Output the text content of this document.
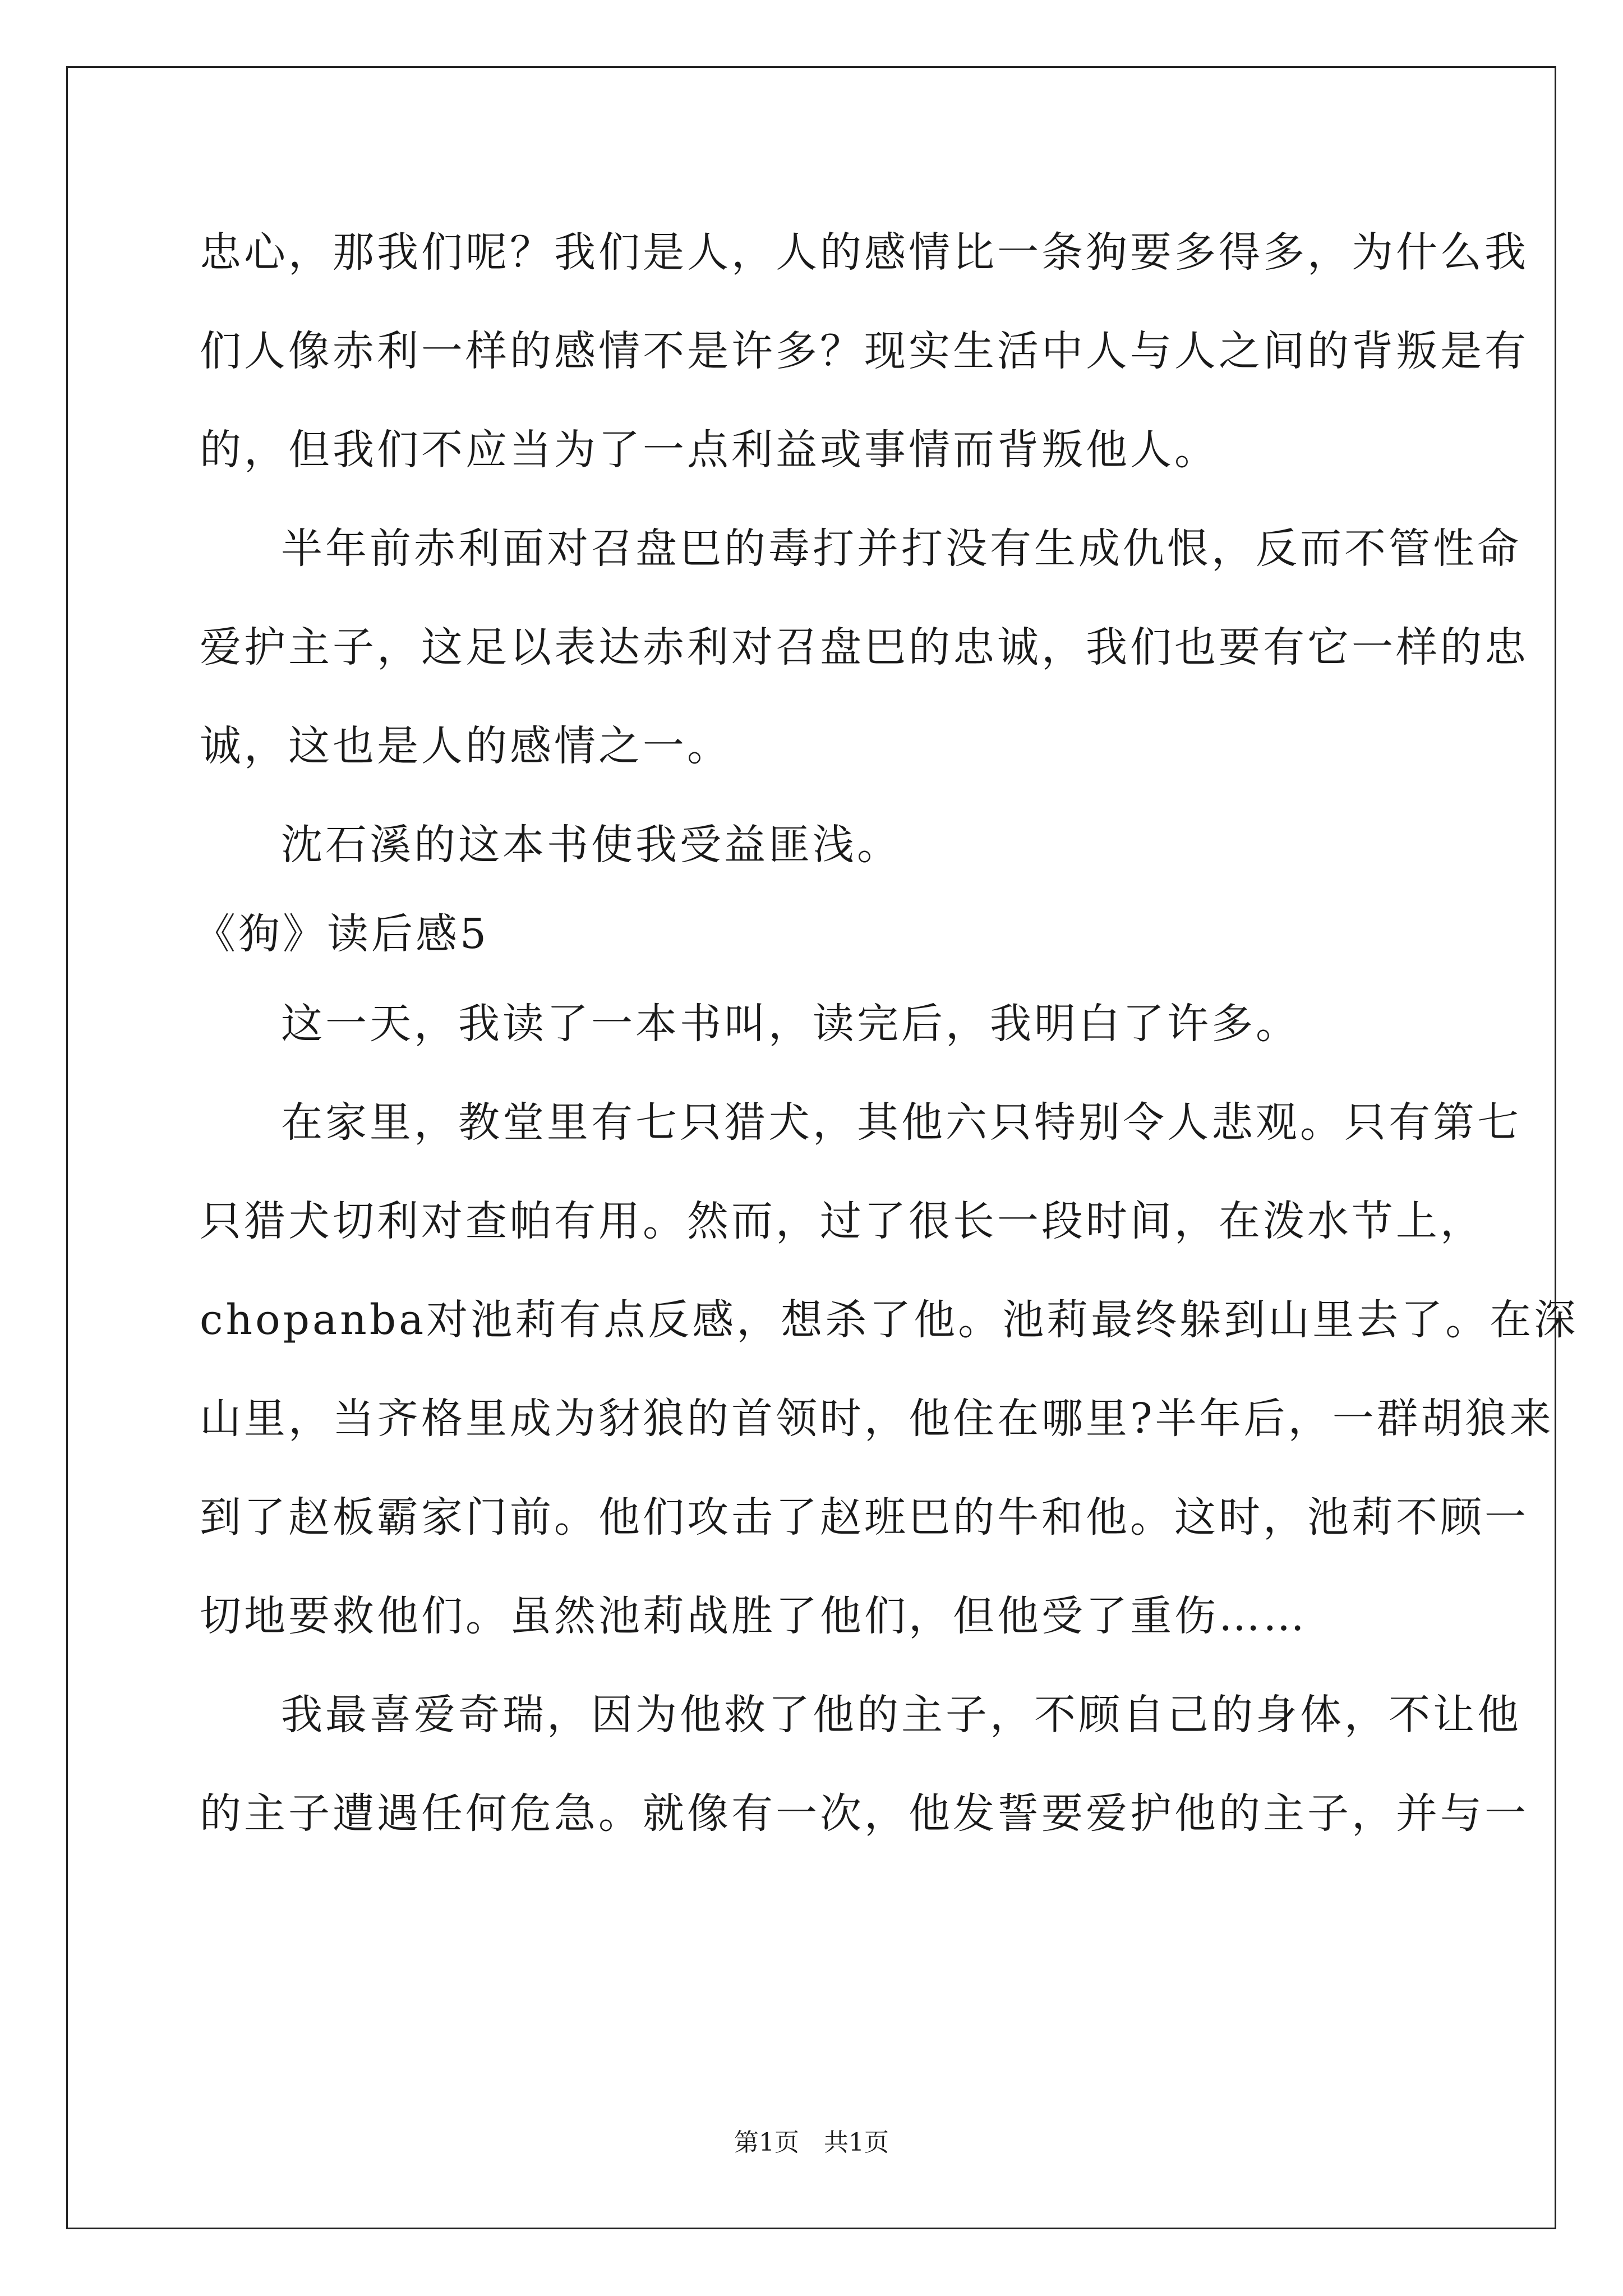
忠心，那我们呢？我们是人，人的感情比一条狗要多得多，为什么我
们人像赤利一样的感情不是许多？现实生活中人与人之间的背叛是有
的，但我们不应当为了一点利益或事情而背叛他人。
半年前赤利面对召盘巴的毒打并打没有生成仇恨，反而不管性命
爱护主子，这足以表达赤利对召盘巴的忠诚，我们也要有它一样的忠
诚，这也是人的感情之一。
沈石溪的这本书使我受益匪浅。
《狗》读后感5
这一天，我读了一本书叫，读完后，我明白了许多。
在家里，教堂里有七只猎犬，其他六只特别令人悲观。只有第七
只猎犬切利对查帕有用。然而，过了很长一段时间，在泼水节上，
chopanba对池莉有点反感，想杀了他。池莉最终躲到山里去了。在深
山里，当齐格里成为豺狼的首领时，他住在哪里?半年后，一群胡狼来
到了赵板霸家门前。他们攻击了赵班巴的牛和他。这时，池莉不顾一
切地要救他们。虽然池莉战胜了他们，但他受了重伤……
我最喜爱奇瑞，因为他救了他的主子，不顾自己的身体，不让他
的主子遭遇任何危急。就像有一次，他发誓要爱护他的主子，并与一
第1页　共1页
